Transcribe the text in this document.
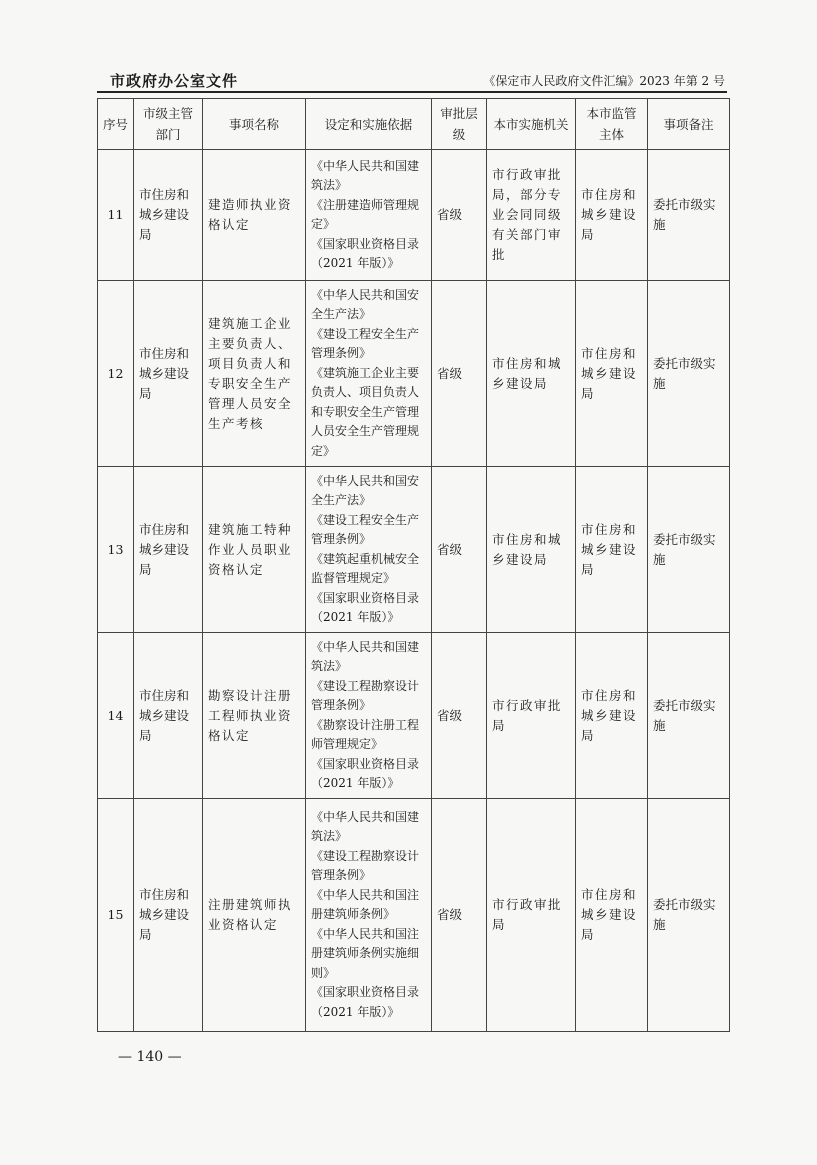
市政府办公室文件	《保定市人民政府文件汇编》2023 年第 2 号
序号	市级主管部门	事项名称	设定和实施依据	审批层级	本市实施机关	本市监管主体	事项备注
11	市住房和城乡建设局	建造师执业资格认定	《中华人民共和国建筑法》
《注册建造师管理规定》
《国家职业资格目录（2021 年版）》	省级	市行政审批局，部分专业会同同级有关部门审批	市住房和城乡建设局	委托市级实施
12	市住房和城乡建设局	建筑施工企业主要负责人、项目负责人和专职安全生产管理人员安全生产考核	《中华人民共和国安全生产法》
《建设工程安全生产管理条例》
《建筑施工企业主要负责人、项目负责人和专职安全生产管理人员安全生产管理规定》	省级	市住房和城乡建设局	市住房和城乡建设局	委托市级实施
13	市住房和城乡建设局	建筑施工特种作业人员职业资格认定	《中华人民共和国安全生产法》
《建设工程安全生产管理条例》
《建筑起重机械安全监督管理规定》
《国家职业资格目录（2021 年版）》	省级	市住房和城乡建设局	市住房和城乡建设局	委托市级实施
14	市住房和城乡建设局	勘察设计注册工程师执业资格认定	《中华人民共和国建筑法》
《建设工程勘察设计管理条例》
《勘察设计注册工程师管理规定》
《国家职业资格目录（2021 年版）》	省级	市行政审批局	市住房和城乡建设局	委托市级实施
15	市住房和城乡建设局	注册建筑师执业资格认定	《中华人民共和国建筑法》
《建设工程勘察设计管理条例》
《中华人民共和国注册建筑师条例》
《中华人民共和国注册建筑师条例实施细则》
《国家职业资格目录（2021 年版）》	省级	市行政审批局	市住房和城乡建设局	委托市级实施
— 140 —
